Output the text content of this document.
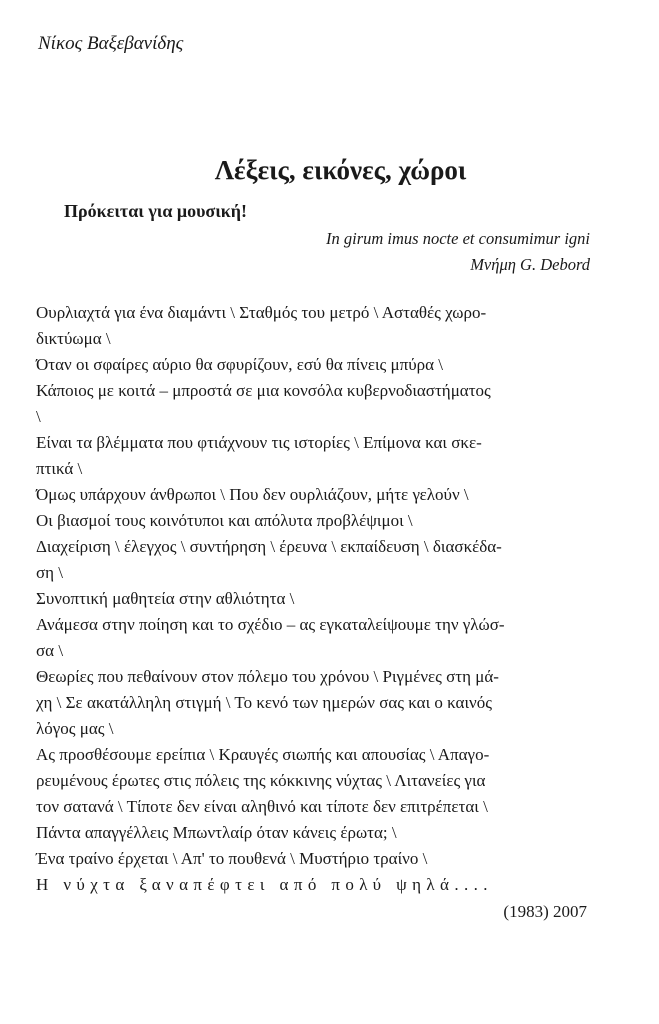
Νίκος Βαξεβανίδης
Λέξεις, εικόνες, χώροι
Πρόκειται για μουσική!
In girum imus nocte et consumimur igni
Μνήμη G. Debord
Ουρλιαχτά για ένα διαμάντι \ Σταθμός του μετρό \ Ασταθές χωρο-
δικτύωμα \
Όταν οι σφαίρες αύριο θα σφυρίζουν, εσύ θα πίνεις μπύρα \
Κάποιος με κοιτά – μπροστά σε μια κονσόλα κυβερνοδιαστήματος
\
Είναι τα βλέμματα που φτιάχνουν τις ιστορίες \ Επίμονα και σκε-
πτικά \
Όμως υπάρχουν άνθρωποι \ Που δεν ουρλιάζουν, μήτε γελούν \
Οι βιασμοί τους κοινότυποι και απόλυτα προβλέψιμοι \
Διαχείριση \ έλεγχος \ συντήρηση \ έρευνα \ εκπαίδευση \ διασκέδα-
ση \
Συνοπτική μαθητεία στην αθλιότητα \
Ανάμεσα στην ποίηση και το σχέδιο – ας εγκαταλείψουμε την γλώσ-
σα \
Θεωρίες που πεθαίνουν στον πόλεμο του χρόνου \ Ριγμένες στη μά-
χη \ Σε ακατάλληλη στιγμή \ Το κενό των ημερών σας και ο καινός
λόγος μας \
Ας προσθέσουμε ερείπια \ Κραυγές σιωπής και απουσίας \ Απαγο-
ρευμένους έρωτες στις πόλεις της κόκκινης νύχτας \ Λιτανείες για
τον σατανά \ Τίποτε δεν είναι αληθινό και τίποτε δεν επιτρέπεται \
Πάντα απαγγέλλεις Μπωντλαίρ όταν κάνεις έρωτα; \
Ένα τραίνο έρχεται \ Απ' το πουθενά \ Μυστήριο τραίνο \
Η νύχτα ξαναπέφτει από πολύ ψηλά....
(1983) 2007
